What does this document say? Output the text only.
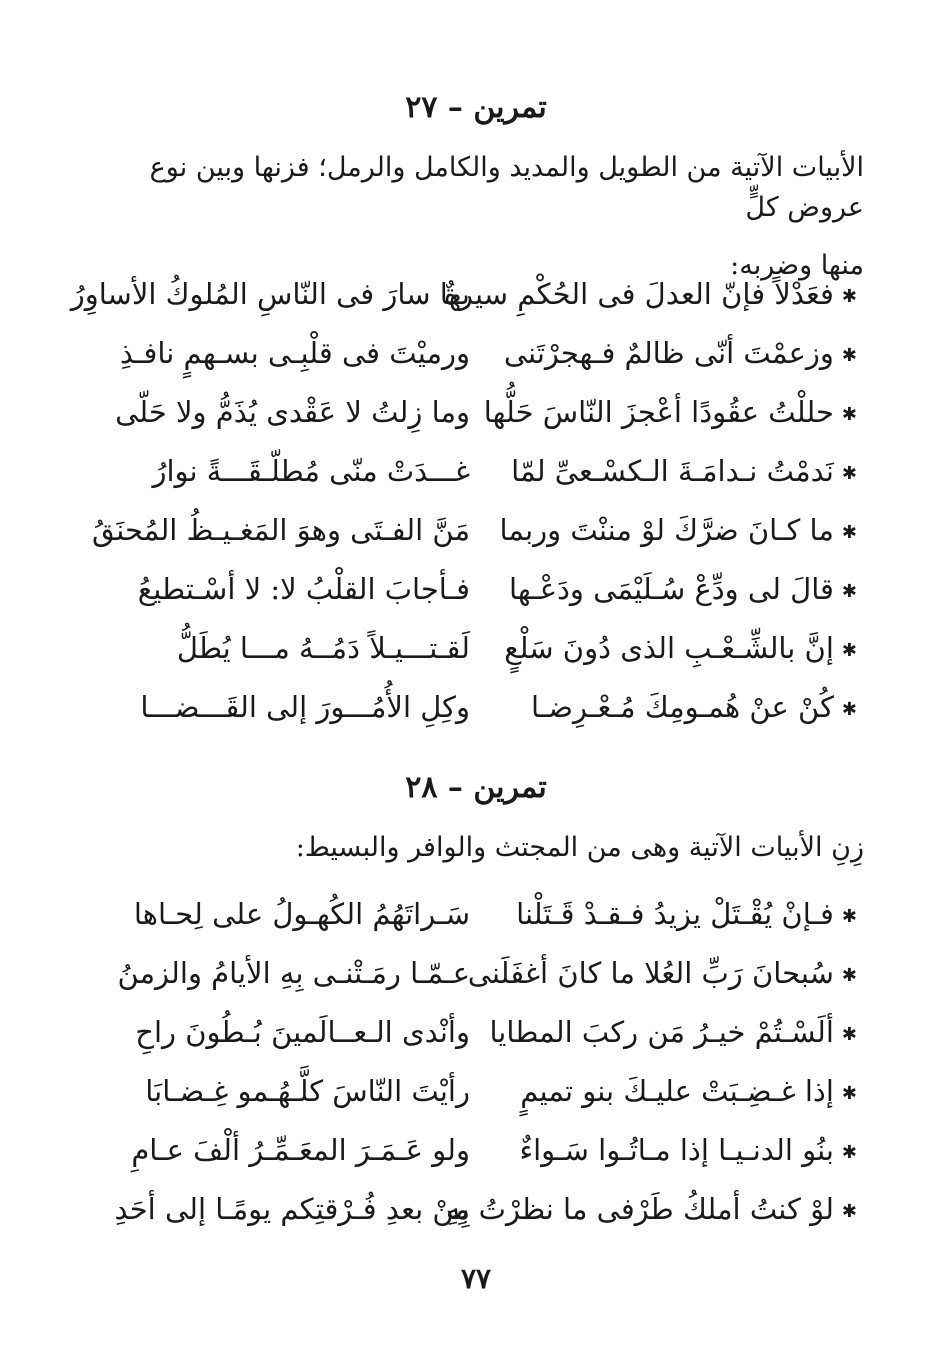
تمرين – ٢٧
الأبيات الآتية من الطويل والمديد والكامل والرمل؛ فزنها وبين نوع عروض كلٍّ
منها وضربه:
✱فعَدْلاً فإنّ العدلَ فى الحُكْمِ سيرةٌ
بها سارَ فى النّاسِ المُلوكُ الأساوِرُ
✱وزعمْتَ أنّى ظالمٌ فـهجرْتَنى
ورميْتَ فى قلْبِـى بسـهمٍ نافـذِ
✱حللْتُ عقُودًا أعْجزَ النّاسَ حَلُّها
وما زِلتُ لا عَقْدى يُذَمُّ ولا حَلّى
✱نَدمْتُ نـدامَـةَ الـكسْـعىِّ لمّا
غـــدَتْ منّى مُطلّـقَـــةً نوارُ
✱ما كـانَ ضرَّكَ لوْ مننْتَ وربما
مَنَّ الفـتَى وهوَ المَغـيـظُ المُحنَقُ
✱قالَ لى ودِّعْ سُـلَيْمَى ودَعْـها
فـأجابَ القلْبُ لا: لا أسْـتطيعُ
✱إنَّ بالشِّـعْـبِ الذى دُونَ سَلْعٍ
لَقـتـــيـلاً دَمُــهُ مـــا يُطَلُّ
✱كُنْ عنْ هُمـومِكَ مُـعْـرِضـا
وكِلِ الأُمُـــورَ إلى القَـــضـــا
تمرين – ٢٨
زِنِ الأبيات الآتية وهى من المجتث والوافر والبسيط:
✱فـإنْ يُقْـتَلْ يزيدُ فـقـدْ قَـتَلْنا
سَـراتَهُمُ الكُهـولُ على لِحـاها
✱سُبحانَ رَبِّ العُلا ما كانَ أغفَلَنى
عـمّـا رمَـتْنـى بِهِ الأيامُ والزمنُ
✱ألَسْـتُمْ خيـرُ مَن ركبَ المطايا
وأنْدى الـعــالَمينَ بُـطُونَ راحِ
✱إذا غـضِـبَتْ عليـكَ بنو تميمٍ
رأيْتَ النّاسَ كلَّـهُـمو غِـضـابَا
✱بنُو الدنـيـا إذا مـاتُـوا سَـواءٌ
ولو عَـمَـرَ المعَـمِّـرُ ألْفَ عـامِ
✱لوْ كنتُ أملكُ طَرْفى ما نظرْتُ بِهِ
مِنْ بعدِ فُـرْقتِكم يومًـا إلى أحَدِ
٧٧
